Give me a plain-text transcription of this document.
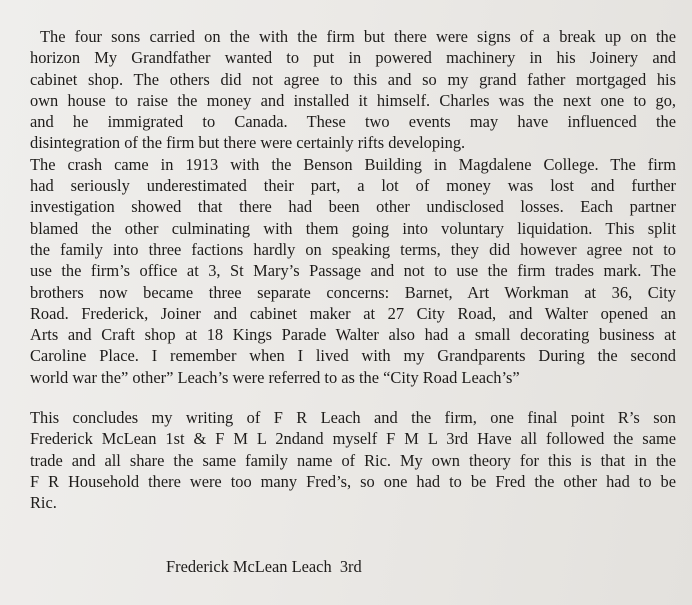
The four sons carried on the with the firm but there were signs of a break up on the
horizon My Grandfather wanted to put in powered machinery in his Joinery and
cabinet shop. The others did not agree to this and so my grand father mortgaged his
own house to raise the money and installed it himself. Charles was the next one to go,
and he immigrated to Canada. These two events may have influenced the
disintegration of the firm but there were certainly rifts developing.
The crash came in 1913 with the Benson Building in Magdalene College. The firm
had seriously underestimated their part, a lot of money was lost and further
investigation showed that there had been other undisclosed losses. Each partner
blamed the other culminating with them going into voluntary liquidation. This split
the family into three factions hardly on speaking terms, they did however agree not to
use the firm’s office at 3, St Mary’s Passage and not to use the firm trades mark. The
brothers now became three separate concerns: Barnet, Art Workman at 36, City
Road. Frederick, Joiner and cabinet maker at 27 City Road, and Walter opened an
Arts and Craft shop at 18 Kings Parade Walter also had a small decorating business at
Caroline Place. I remember when I lived with my Grandparents During the second
world war the” other” Leach’s were referred to as the “City Road Leach’s”
This concludes my writing of F R Leach and the firm, one final point R’s son
Frederick McLean 1st & F M L 2ndand myself F M L 3rd Have all followed the same
trade and all share the same family name of Ric. My own theory for this is that in the
F R Household there were too many Fred’s, so one had to be Fred the other had to be
Ric.
Frederick McLean Leach  3rd
